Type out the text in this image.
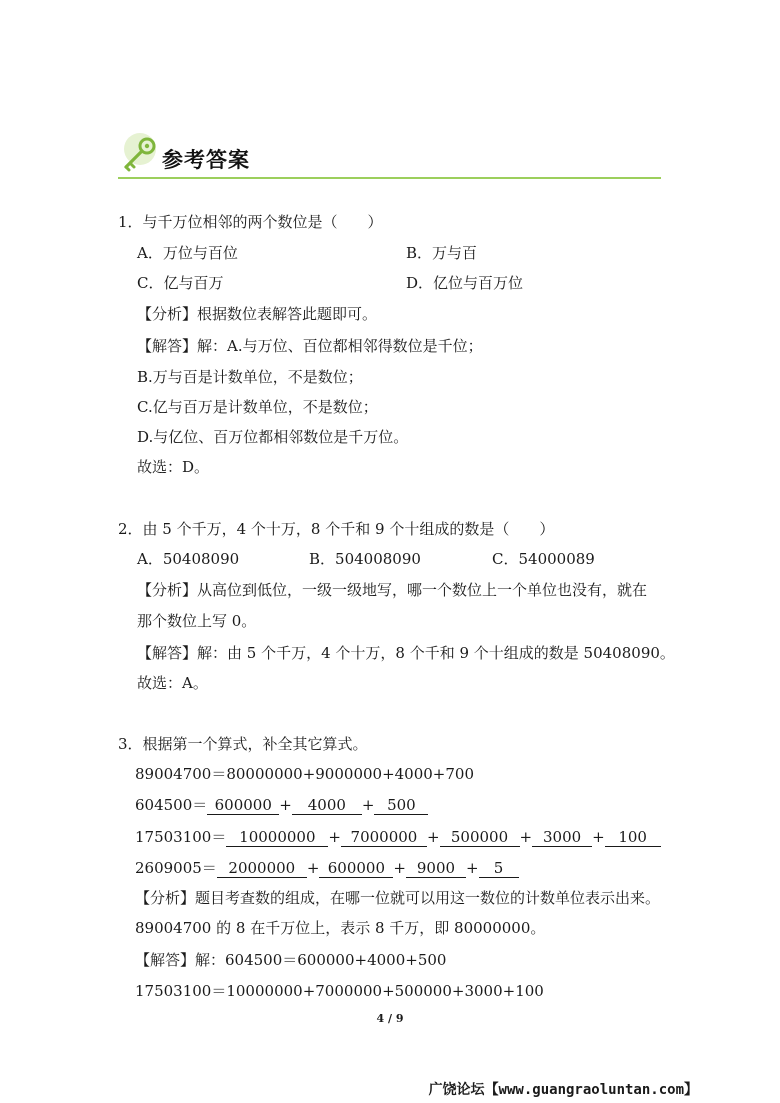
参考答案
1．与千万位相邻的两个数位是（　　）
A．万位与百位	B．万与百
C．亿与百万	D．亿位与百万位
【分析】根据数位表解答此题即可。
【解答】解：A.与万位、百位都相邻得数位是千位；
B.万与百是计数单位，不是数位；
C.亿与百万是计数单位，不是数位；
D.与亿位、百万位都相邻数位是千万位。
故选：D。
2．由 5 个千万，4 个十万，8 个千和 9 个十组成的数是（　　）
A．50408090	B．504008090	C．54000089
【分析】从高位到低位，一级一级地写，哪一个数位上一个单位也没有，就在
那个数位上写 0。
【解答】解：由 5 个千万，4 个十万，8 个千和 9 个十组成的数是 50408090。
故选：A。
3．根据第一个算式，补全其它算式。
89004700＝80000000+9000000+4000+700
604500＝ 600000 + 4000 + 500
17503100＝ 10000000 + 7000000 + 500000 + 3000 + 100
2609005＝ 2000000 + 600000 + 9000 + 5
【分析】题目考查数的组成，在哪一位就可以用这一数位的计数单位表示出来。
89004700 的 8 在千万位上，表示 8 千万，即 80000000。
【解答】解：604500＝600000+4000+500
17503100＝10000000+7000000+500000+3000+100
4 / 9
广饶论坛【www.guangraoluntan.com】
